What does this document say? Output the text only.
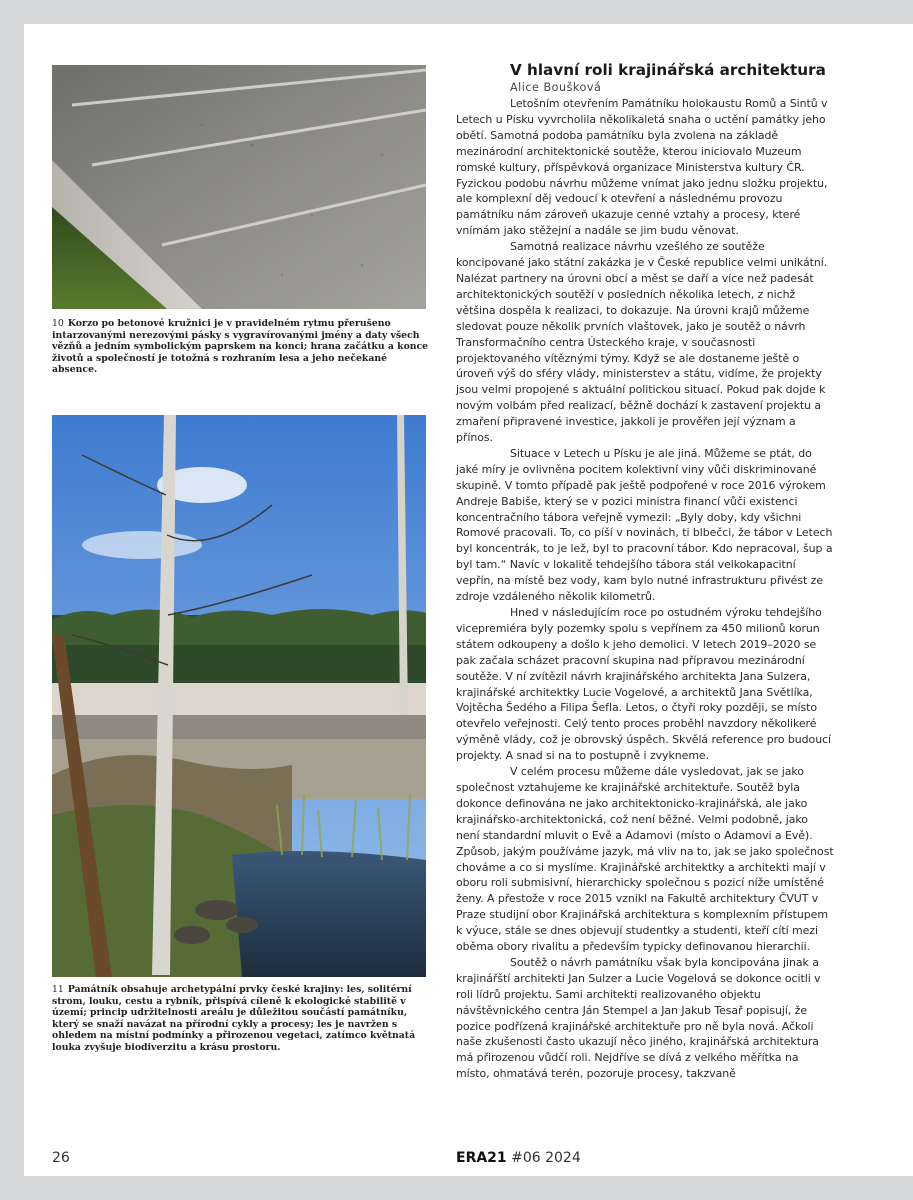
10 Korzo po betonové kružnici je v pravidelném rytmu přerušeno intarzovanými nerezovými pásky s vygravírovanými jmény a daty všech vězňů a jedním symbolickým paprskem na konci; hrana začátku a konce životů a společností je totožná s rozhraním lesa a jeho nečekané absence.
11 Památník obsahuje archetypální prvky české krajiny: les, solitérní strom, louku, cestu a rybník, přispívá cíleně k ekologické stabilitě v území; princip udržitelnosti areálu je důležitou součástí památníku, který se snaží navázat na přírodní cykly a procesy; les je navržen s ohledem na místní podmínky a přirozenou vegetaci, zatímco květnatá louka zvyšuje biodiverzitu a krásu prostoru.
V hlavní roli krajinářská architektura
Alice Boušková

Letošním otevřením Památníku holokaustu Romů a Sintů v Letech u Písku vyvrcholila několikaletá snaha o uctění památky jeho obětí. Samotná podoba památníku byla zvolena na základě mezinárodní architektonické soutěže, kterou iniciovalo Muzeum romské kultury, příspěvková organizace Ministerstva kultury ČR. Fyzickou podobu návrhu můžeme vnímat jako jednu složku projektu, ale komplexní děj vedoucí k otevření a následnému provozu památníku nám zároveň ukazuje cenné vztahy a procesy, které vnímám jako stěžejní a nadále se jim budu věnovat.

Samotná realizace návrhu vzešlého ze soutěže koncipované jako státní zakázka je v České republice velmi unikátní. Nalézat partnery na úrovni obcí a měst se daří a více než padesát architektonických soutěží v posledních několika letech, z nichž většina dospěla k realizaci, to dokazuje. Na úrovni krajů můžeme sledovat pouze několik prvních vlaštovek, jako je soutěž o návrh Transformačního centra Ústeckého kraje, v současnosti projektovaného vítěznými týmy. Když se ale dostaneme ještě o úroveň výš do sféry vlády, ministerstev a státu, vidíme, že projekty jsou velmi propojené s aktuální politickou situací. Pokud pak dojde k novým volbám před realizací, běžně dochází k zastavení projektu a zmaření připravené investice, jakkoli je prověřen její význam a přínos.

Situace v Letech u Písku je ale jiná. Můžeme se ptát, do jaké míry je ovlivněna pocitem kolektivní viny vůči diskriminované skupině. V tomto případě pak ještě podpořené v roce 2016 výrokem Andreje Babiše, který se v pozici ministra financí vůči existenci koncentračního tábora veřejně vymezil: „Byly doby, kdy všichni Romové pracovali. To, co píší v novinách, ti blbečci, že tábor v Letech byl koncentrák, to je lež, byl to pracovní tábor. Kdo nepracoval, šup a byl tam.“ Navíc v lokalitě tehdejšího tábora stál velkokapacitní vepřín, na místě bez vody, kam bylo nutné infrastrukturu přivést ze zdroje vzdáleného několik kilometrů.

Hned v následujícím roce po ostudném výroku tehdejšího vicepremiéra byly pozemky spolu s vepřínem za 450 milionů korun státem odkoupeny a došlo k jeho demolici. V letech 2019–2020 se pak začala scházet pracovní skupina nad přípravou mezinárodní soutěže. V ní zvítězil návrh krajinářského architekta Jana Sulzera, krajinářské architektky Lucie Vogelové, a architektů Jana Světlíka, Vojtěcha Šedého a Filipa Šefla. Letos, o čtyři roky později, se místo otevřelo veřejnosti. Celý tento proces proběhl navzdory několikeré výměně vlády, což je obrovský úspěch. Skvělá reference pro budoucí projekty. A snad si na to postupně i zvykneme.

V celém procesu můžeme dále vysledovat, jak se jako společnost vztahujeme ke krajinářské architektuře. Soutěž byla dokonce definována ne jako architektonicko-krajinářská, ale jako krajinářsko-architektonická, což není běžné. Velmi podobně, jako není standardní mluvit o Evě a Adamovi (místo o Adamovi a Evě). Způsob, jakým používáme jazyk, má vliv na to, jak se jako společnost chováme a co si myslíme. Krajinářské architektky a architekti mají v oboru roli submisivní, hierarchicky společnou s pozicí níže umístěné ženy. A přestože v roce 2015 vznikl na Fakultě architektury ČVUT v Praze studijní obor Krajinářská architektura s komplexním přístupem k výuce, stále se dnes objevují studentky a studenti, kteří cítí mezi oběma obory rivalitu a především typicky definovanou hierarchii.

Soutěž o návrh památníku však byla koncipována jinak a krajinářští architekti Jan Sulzer a Lucie Vogelová se dokonce ocitli v roli lídrů projektu. Sami architekti realizovaného objektu návštěvnického centra Ján Stempel a Jan Jakub Tesař popisují, že pozice podřízená krajinářské architektuře pro ně byla nová. Ačkoli naše zkušenosti často ukazují něco jiného, krajinářská architektura má přirozenou vůdčí roli. Nejdříve se dívá z velkého měřítka na místo, ohmatává terén, pozoruje procesy, takzvaně

26	ERA21 #06 2024
